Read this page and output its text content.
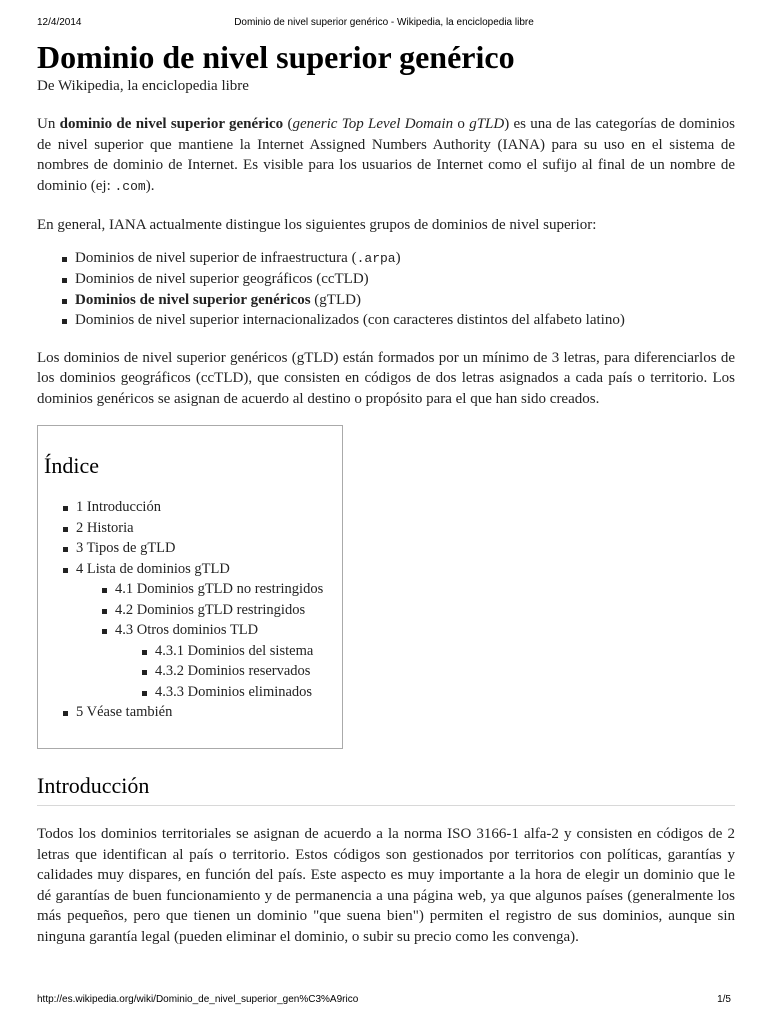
12/4/2014	Dominio de nivel superior genérico - Wikipedia, la enciclopedia libre
Dominio de nivel superior genérico

De Wikipedia, la enciclopedia libre

Un dominio de nivel superior genérico (generic Top Level Domain o gTLD) es una de las categorías de dominios de nivel superior que mantiene la Internet Assigned Numbers Authority (IANA) para su uso en el sistema de nombres de dominio de Internet. Es visible para los usuarios de Internet como el sufijo al final de un nombre de dominio (ej: .com).

En general, IANA actualmente distingue los siguientes grupos de dominios de nivel superior:

Dominios de nivel superior de infraestructura (.arpa)
Dominios de nivel superior geográficos (ccTLD)
Dominios de nivel superior genéricos (gTLD)
Dominios de nivel superior internacionalizados (con caracteres distintos del alfabeto latino)

Los dominios de nivel superior genéricos (gTLD) están formados por un mínimo de 3 letras, para diferenciarlos de los dominios geográficos (ccTLD), que consisten en códigos de dos letras asignados a cada país o territorio. Los dominios genéricos se asignan de acuerdo al destino o propósito para el que han sido creados.

Índice
1 Introducción
2 Historia
3 Tipos de gTLD
4 Lista de dominios gTLD
4.1 Dominios gTLD no restringidos
4.2 Dominios gTLD restringidos
4.3 Otros dominios TLD
4.3.1 Dominios del sistema
4.3.2 Dominios reservados
4.3.3 Dominios eliminados
5 Véase también
Introducción

Todos los dominios territoriales se asignan de acuerdo a la norma ISO 3166-1 alfa-2 y consisten en códigos de 2 letras que identifican al país o territorio. Estos códigos son gestionados por territorios con políticas, garantías y calidades muy dispares, en función del país. Este aspecto es muy importante a la hora de elegir un dominio que le dé garantías de buen funcionamiento y de permanencia a una página web, ya que algunos países (generalmente los más pequeños, pero que tienen un dominio "que suena bien") permiten el registro de sus dominios, aunque sin ninguna garantía legal (pueden eliminar el dominio, o subir su precio como les convenga).

http://es.wikipedia.org/wiki/Dominio_de_nivel_superior_gen%C3%A9rico	1/5
